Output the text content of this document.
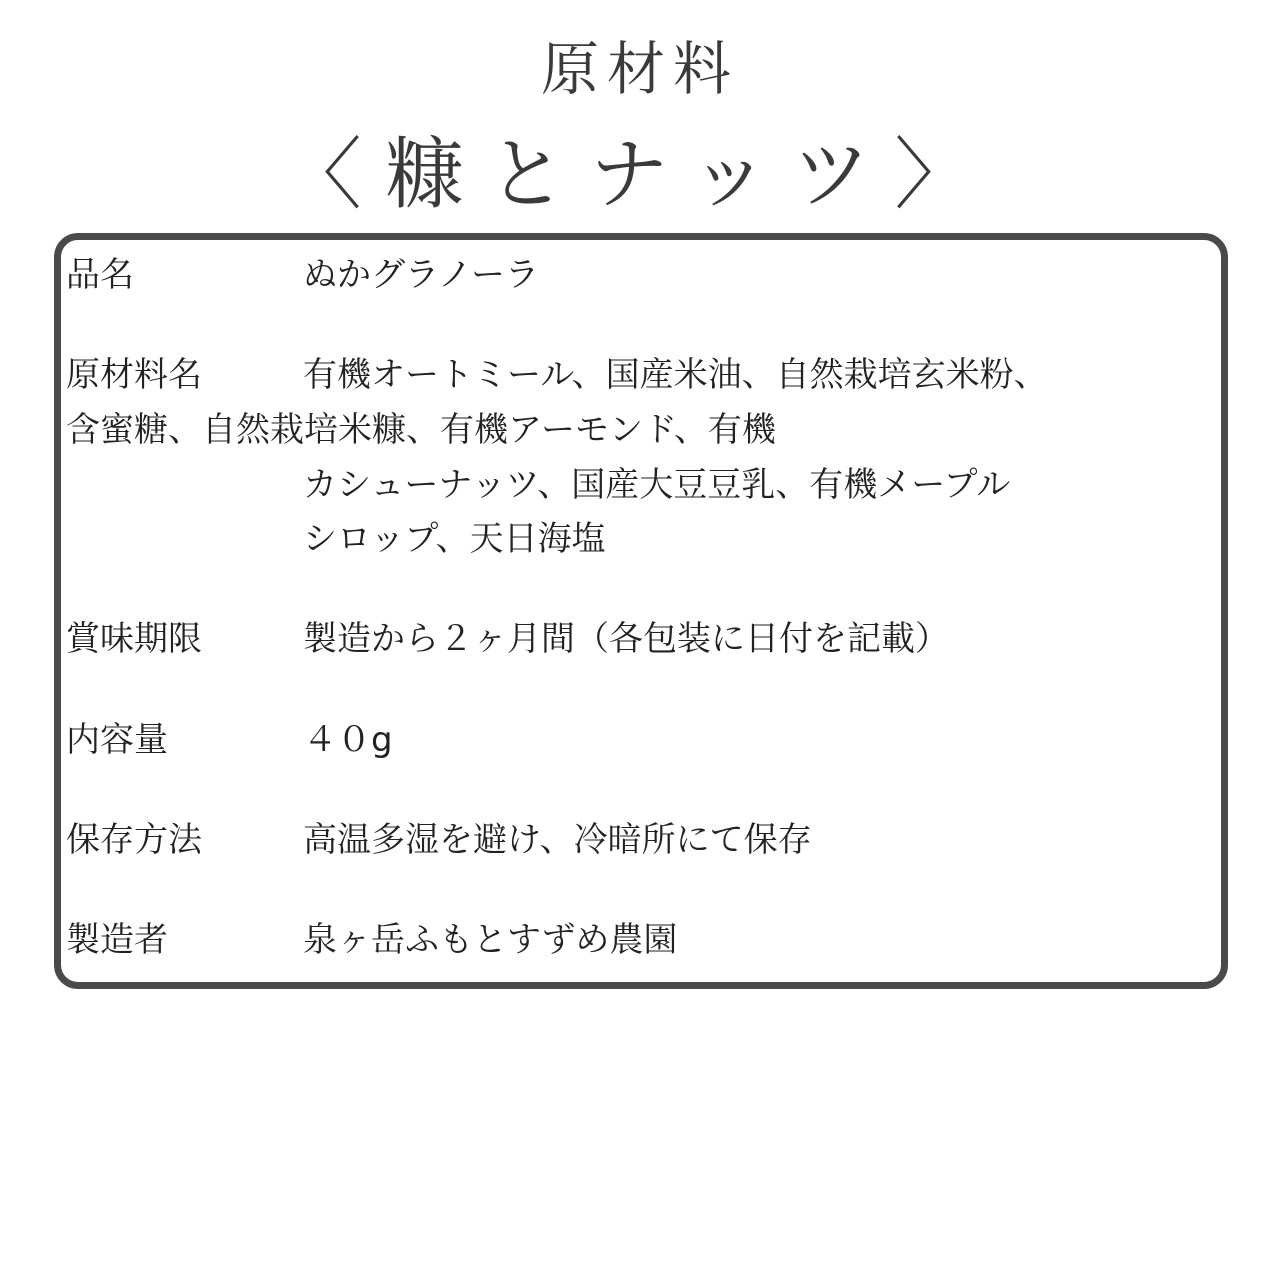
原材料
〈糠とナッツ〉
品名	ぬかグラノーラ
原材料名	有機オートミール、国産米油、自然栽培玄米粉、
含蜜糖、自然栽培米糠、有機アーモンド、有機
カシューナッツ、国産大豆豆乳、有機メープル
シロップ、天日海塩
賞味期限	製造から２ヶ月間（各包装に日付を記載）
内容量	４０g
保存方法	高温多湿を避け、冷暗所にて保存
製造者	泉ヶ岳ふもとすずめ農園
